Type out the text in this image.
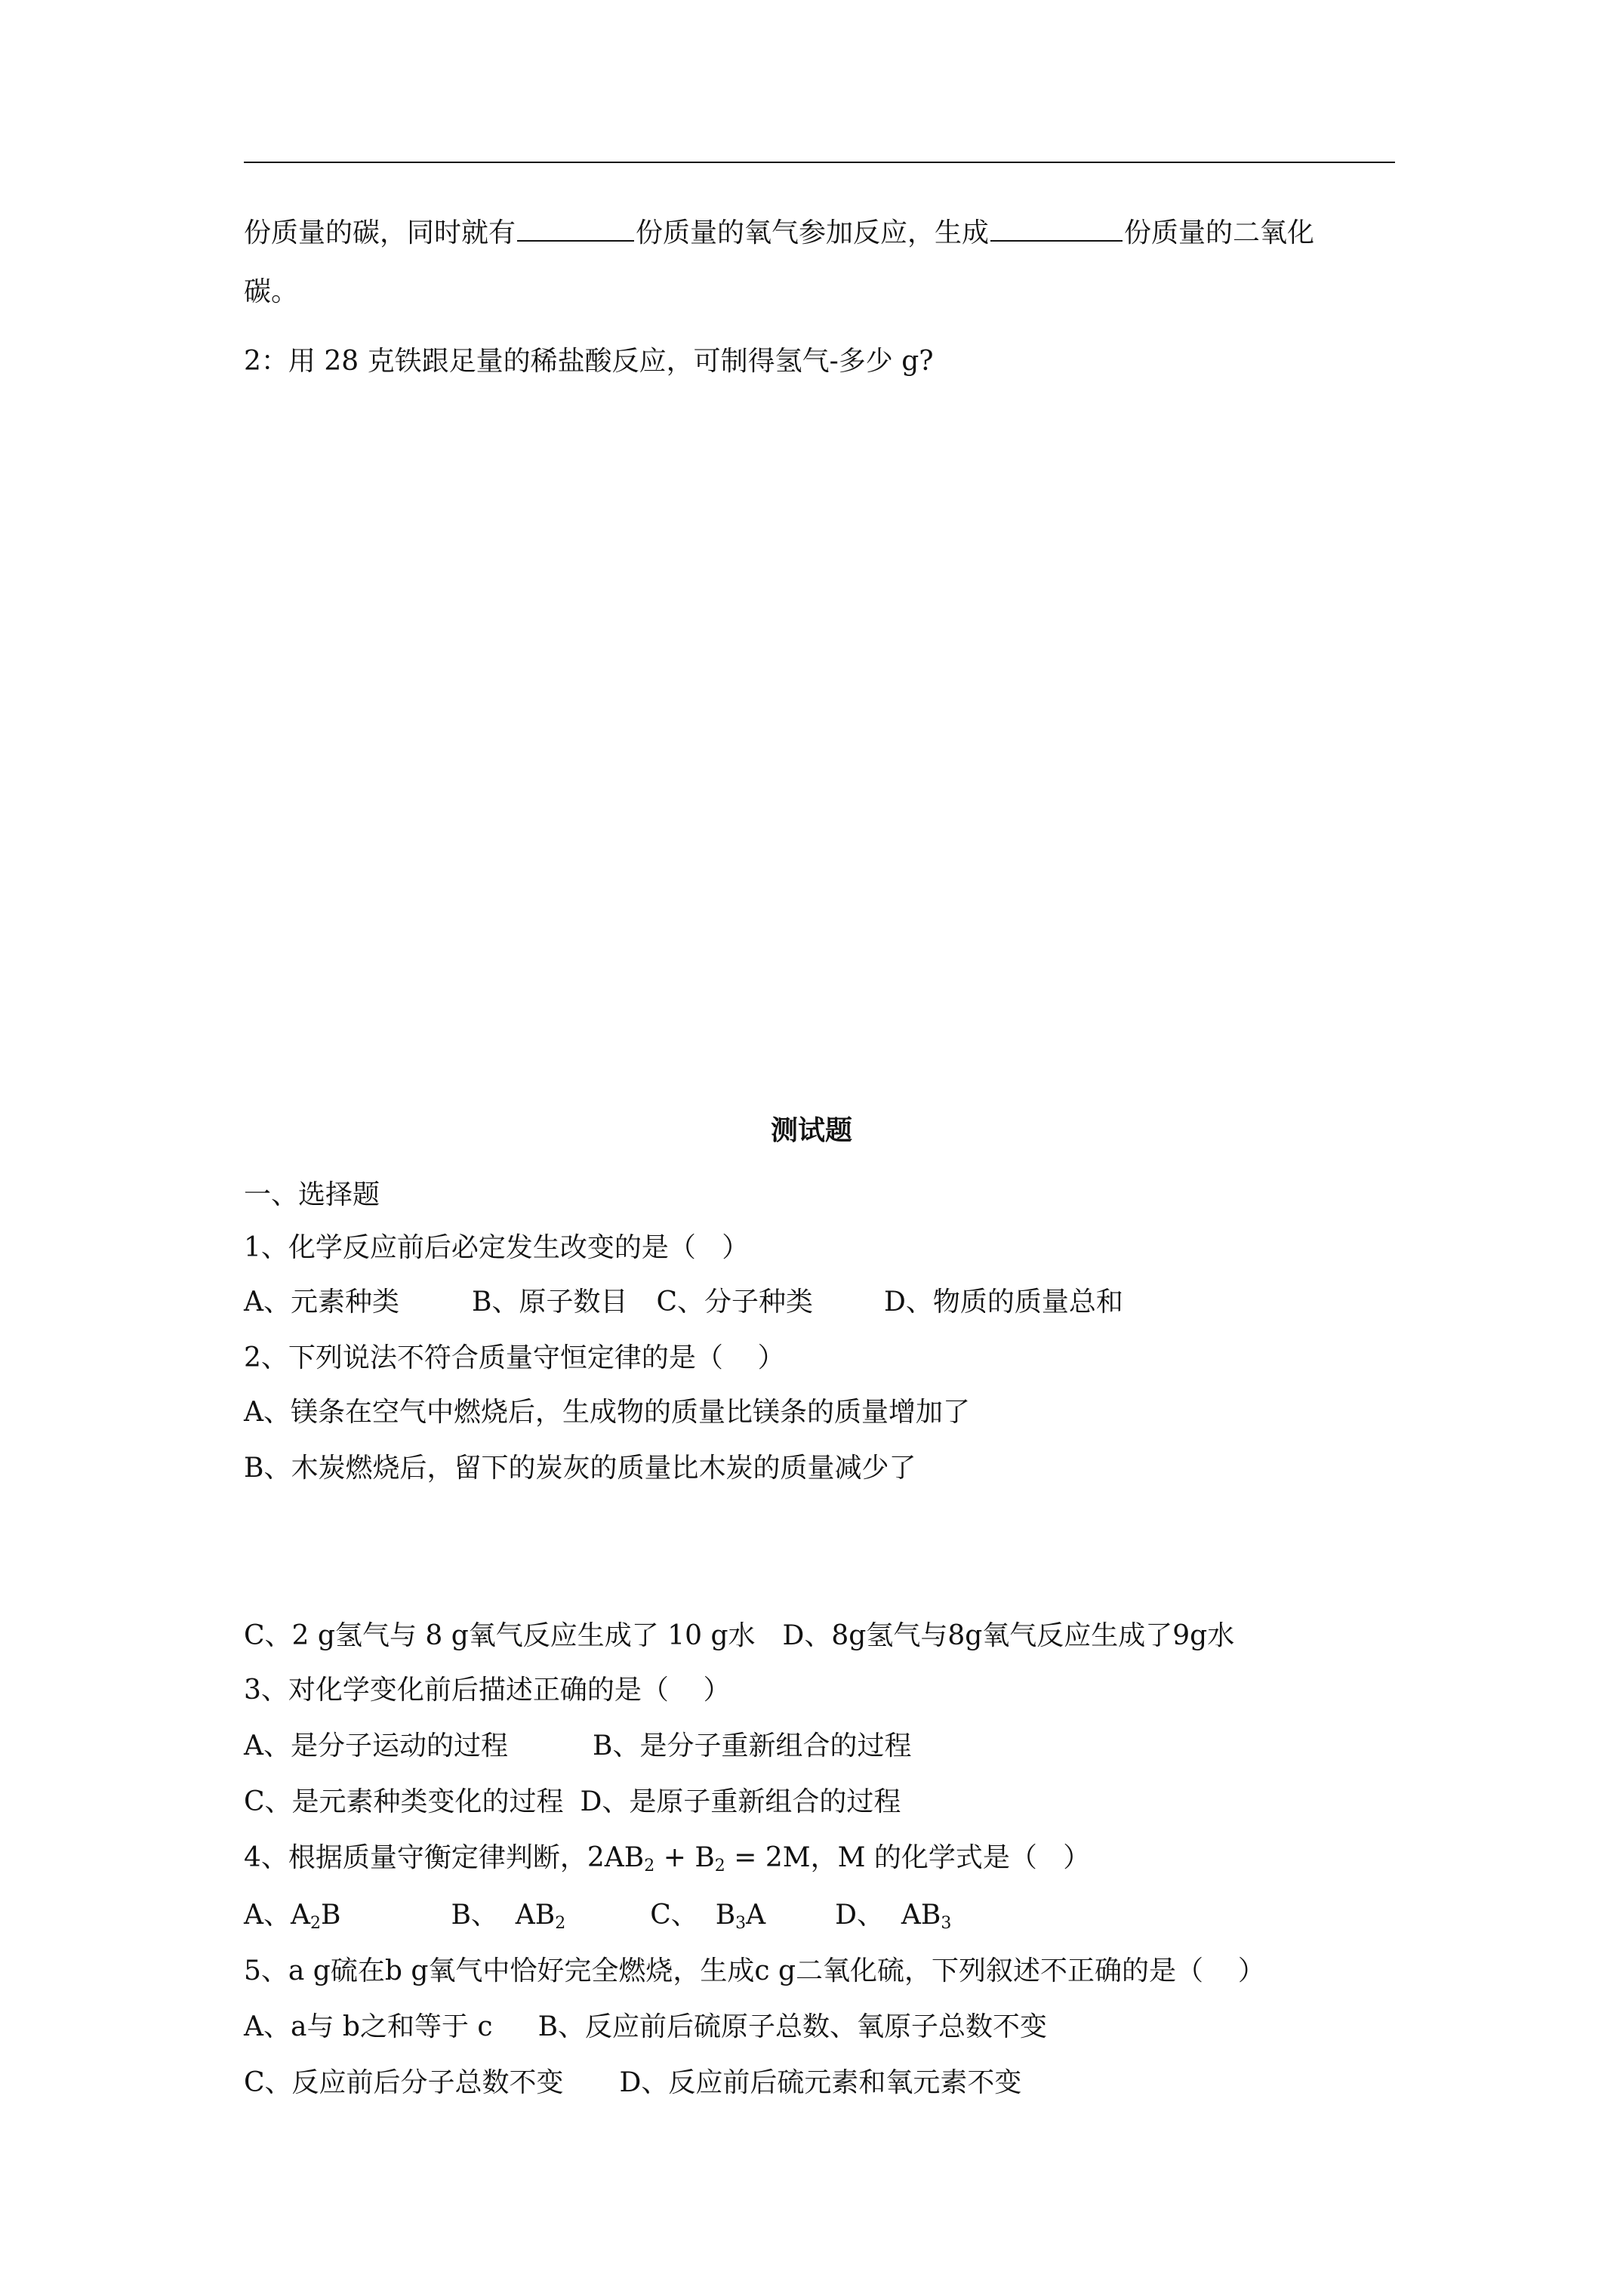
份质量的碳，同时就有	份质量的氧气参加反应，生成	份质量的二氧化
碳。
2：用 28 克铁跟足量的稀盐酸反应，可制得氢气-多少 g?
测试题
一、选择题
1、化学反应前后必定发生改变的是（   ）
A、元素种类	B、原子数目 C、分子种类	D、物质的质量总和
2、下列说法不符合质量守恒定律的是（    ）
A、镁条在空气中燃烧后，生成物的质量比镁条的质量增加了
B、木炭燃烧后，留下的炭灰的质量比木炭的质量减少了
C、2 g氢气与 8 g氧气反应生成了 10 g水 D、8g氢气与8g氧气反应生成了9g水
3、对化学变化前后描述正确的是（    ）
A、是分子运动的过程	B、是分子重新组合的过程
C、是元素种类变化的过程 D、是原子重新组合的过程
4、根据质量守衡定律判断，$2AB_2 + B_2 = 2M$，M 的化学式是（   ）
A、$A_2B$	B、  $AB_2$	C、  $B_3A$	D、  $AB_3$
5、a g硫在b g氧气中恰好完全燃烧，生成c g二氧化硫，下列叙述不正确的是（    ）
A、a与 b之和等于 c B、反应前后硫原子总数、氧原子总数不变
C、反应前后分子总数不变 D、反应前后硫元素和氧元素不变
